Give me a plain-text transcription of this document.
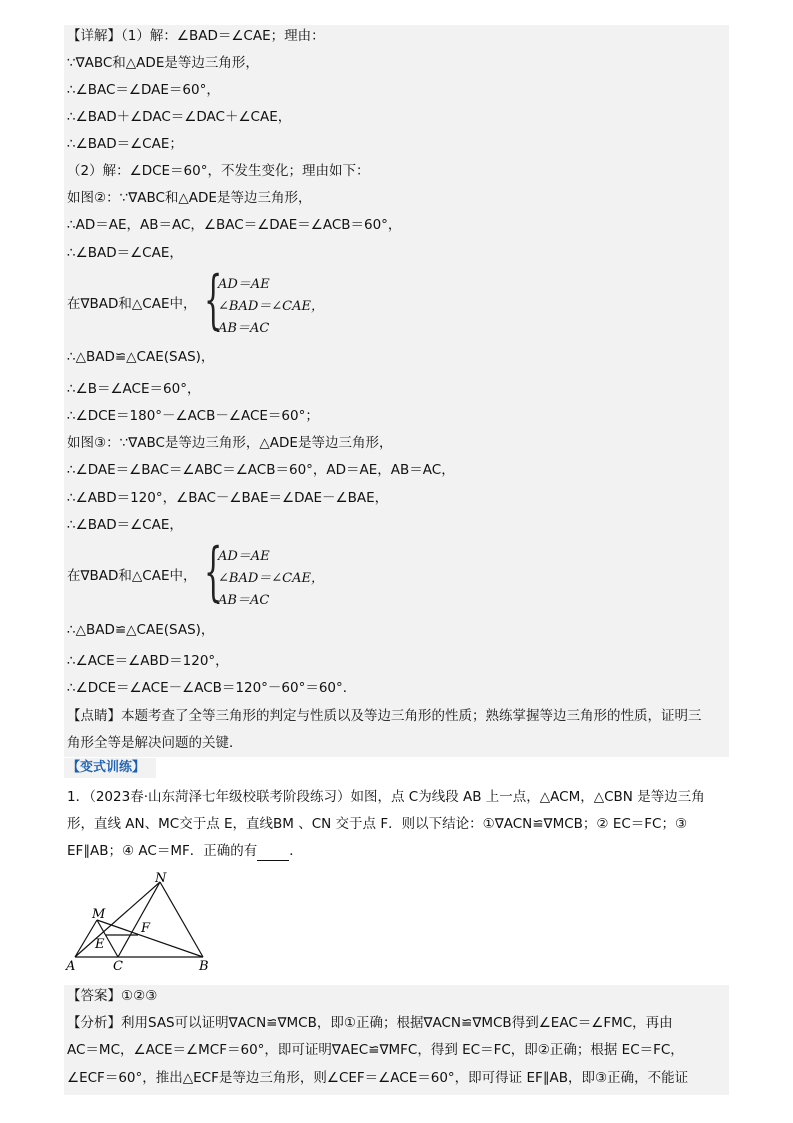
【详解】（1）解：∠BAD＝∠CAE；理由：
∵∇ABC和△ADE是等边三角形，
∴∠BAC＝∠DAE＝60°，
∴∠BAD＋∠DAC＝∠DAC＋∠CAE，
∴∠BAD＝∠CAE；
（2）解：∠DCE＝60°，不发生变化；理由如下：
如图②：∵∇ABC和△ADE是等边三角形，
∴AD＝AE，AB＝AC，∠BAC＝∠DAE＝∠ACB＝60°，
∴∠BAD＝∠CAE，
在∇BAD和△CAE中， {
AD＝AE
∠BAD＝∠CAE，
AB＝AC
∴△BAD≌△CAE(SAS)，
∴∠B＝∠ACE＝60°，
∴∠DCE＝180°－∠ACB－∠ACE＝60°；
如图③：∵∇ABC是等边三角形，△ADE是等边三角形，
∴∠DAE＝∠BAC＝∠ABC＝∠ACB＝60°，AD＝AE，AB＝AC，
∴∠ABD＝120°，∠BAC－∠BAE＝∠DAE－∠BAE，
∴∠BAD＝∠CAE，
在∇BAD和△CAE中， {
AD＝AE
∠BAD＝∠CAE，
AB＝AC
∴△BAD≌△CAE(SAS)，
∴∠ACE＝∠ABD＝120°，
∴∠DCE＝∠ACE－∠ACB＝120°－60°＝60°．
【点睛】本题考查了全等三角形的判定与性质以及等边三角形的性质；熟练掌握等边三角形的性质，证明三
角形全等是解决问题的关键．
【变式训练】
1．（2023春·山东菏泽七年级校联考阶段练习）如图，点 C为线段 AB 上一点，△ACM，△CBN 是等边三角
形，直线 AN、MC交于点 E，直线BM 、CN 交于点 F．则以下结论：①∇ACN≌∇MCB；② EC＝FC；③
EF∥AB；④ AC＝MF．正确的有 ．
N
M
F
E
A	C	B
【答案】①②③
【分析】利用SAS可以证明∇ACN≌∇MCB，即①正确；根据∇ACN≌∇MCB得到∠EAC＝∠FMC，再由
AC＝MC，∠ACE＝∠MCF＝60°，即可证明∇AEC≌∇MFC，得到 EC＝FC，即②正确；根据 EC＝FC，
∠ECF＝60°，推出△ECF是等边三角形，则∠CEF＝∠ACE＝60°，即可得证 EF∥AB，即③正确，不能证
